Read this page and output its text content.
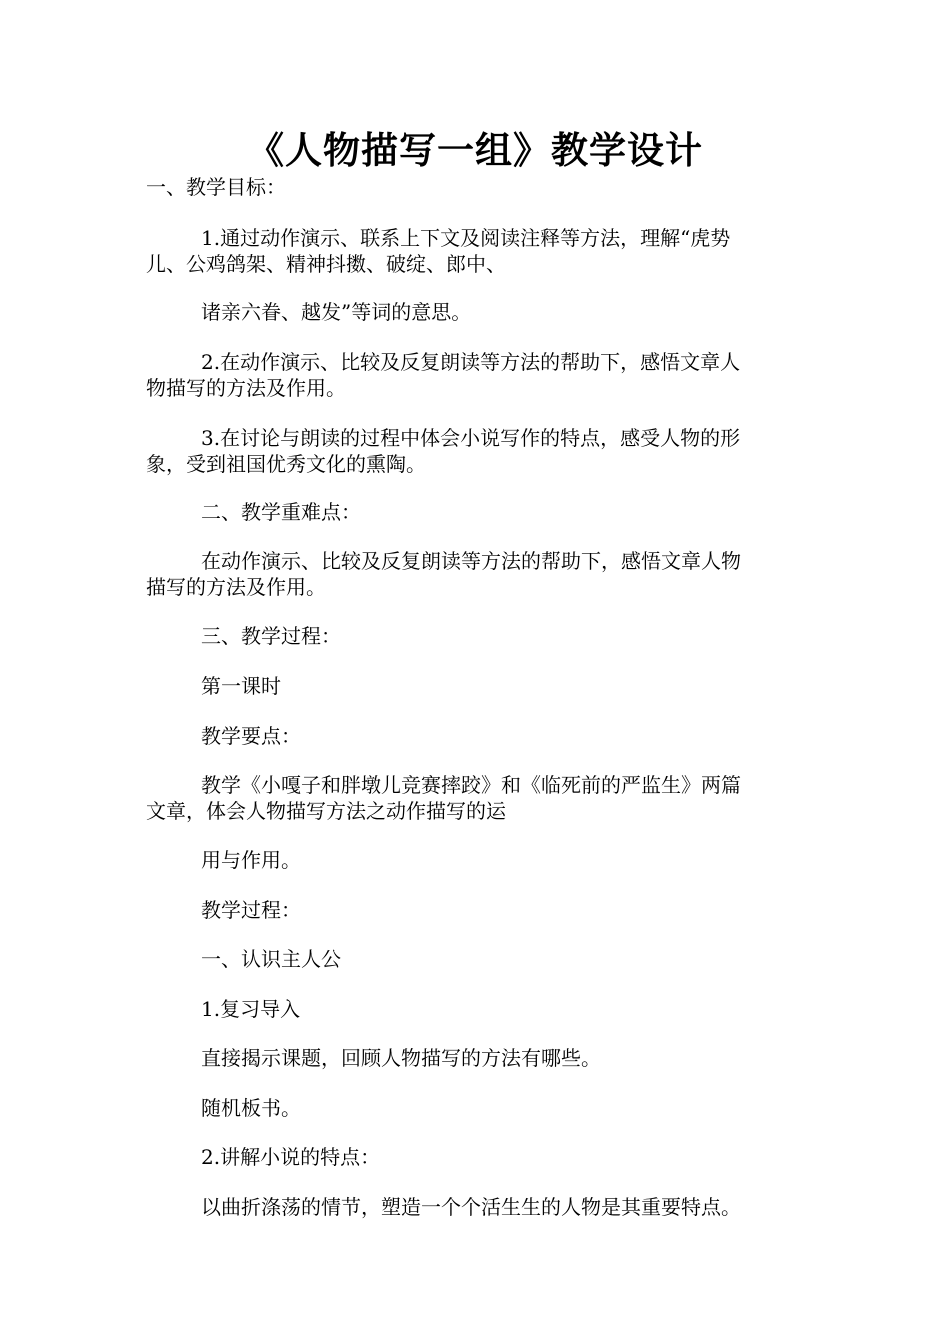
《人物描写一组》教学设计
一、教学目标：
1.通过动作演示、联系上下文及阅读注释等方法，理解“虎势
儿、公鸡鸽架、精神抖擞、破绽、郎中、
诸亲六眷、越发”等词的意思。
2.在动作演示、比较及反复朗读等方法的帮助下，感悟文章人
物描写的方法及作用。
3.在讨论与朗读的过程中体会小说写作的特点，感受人物的形
象，受到祖国优秀文化的熏陶。
二、教学重难点：
在动作演示、比较及反复朗读等方法的帮助下，感悟文章人物
描写的方法及作用。
三、教学过程：
第一课时
教学要点：
教学《小嘎子和胖墩儿竞赛摔跤》和《临死前的严监生》两篇
文章，体会人物描写方法之动作描写的运
用与作用。
教学过程：
一、认识主人公
1.复习导入
直接揭示课题，回顾人物描写的方法有哪些。
随机板书。
2.讲解小说的特点：
以曲折涤荡的情节，塑造一个个活生生的人物是其重要特点。
